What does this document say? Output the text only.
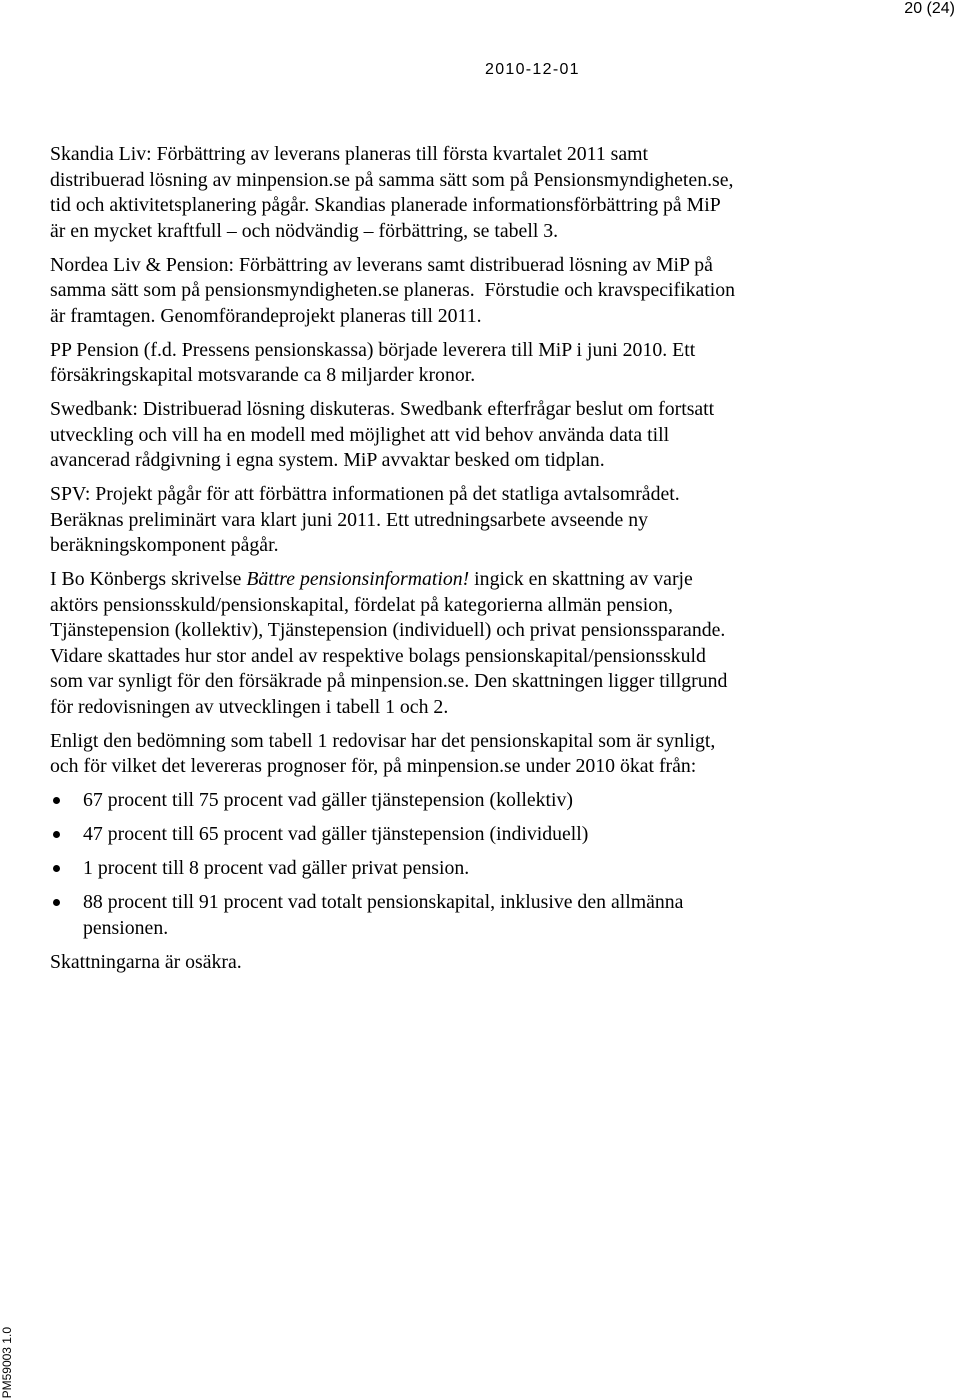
20 (24)
2010-12-01

Skandia Liv: Förbättring av leverans planeras till första kvartalet 2011 samt
distribuerad lösning av minpension.se på samma sätt som på Pensionsmyndigheten.se,
tid och aktivitetsplanering pågår. Skandias planerade informationsförbättring på MiP
är en mycket kraftfull – och nödvändig – förbättring, se tabell 3.

Nordea Liv & Pension: Förbättring av leverans samt distribuerad lösning av MiP på
samma sätt som på pensionsmyndigheten.se planeras.  Förstudie och kravspecifikation
är framtagen. Genomförandeprojekt planeras till 2011.

PP Pension (f.d. Pressens pensionskassa) började leverera till MiP i juni 2010. Ett
försäkringskapital motsvarande ca 8 miljarder kronor.

Swedbank: Distribuerad lösning diskuteras. Swedbank efterfrågar beslut om fortsatt
utveckling och vill ha en modell med möjlighet att vid behov använda data till
avancerad rådgivning i egna system. MiP avvaktar besked om tidplan.

SPV: Projekt pågår för att förbättra informationen på det statliga avtalsområdet.
Beräknas preliminärt vara klart juni 2011. Ett utredningsarbete avseende ny
beräkningskomponent pågår.

I Bo Könbergs skrivelse Bättre pensionsinformation! ingick en skattning av varje
aktörs pensionsskuld/pensionskapital, fördelat på kategorierna allmän pension,
Tjänstepension (kollektiv), Tjänstepension (individuell) och privat pensionssparande.
Vidare skattades hur stor andel av respektive bolags pensionskapital/pensionsskuld
som var synligt för den försäkrade på minpension.se. Den skattningen ligger tillgrund
för redovisningen av utvecklingen i tabell 1 och 2.

Enligt den bedömning som tabell 1 redovisar har det pensionskapital som är synligt,
och för vilket det levereras prognoser för, på minpension.se under 2010 ökat från:

67 procent till 75 procent vad gäller tjänstepension (kollektiv)
47 procent till 65 procent vad gäller tjänstepension (individuell)
1 procent till 8 procent vad gäller privat pension.
88 procent till 91 procent vad totalt pensionskapital, inklusive den allmänna
pensionen.

Skattningarna är osäkra.

PM59003 1.0
